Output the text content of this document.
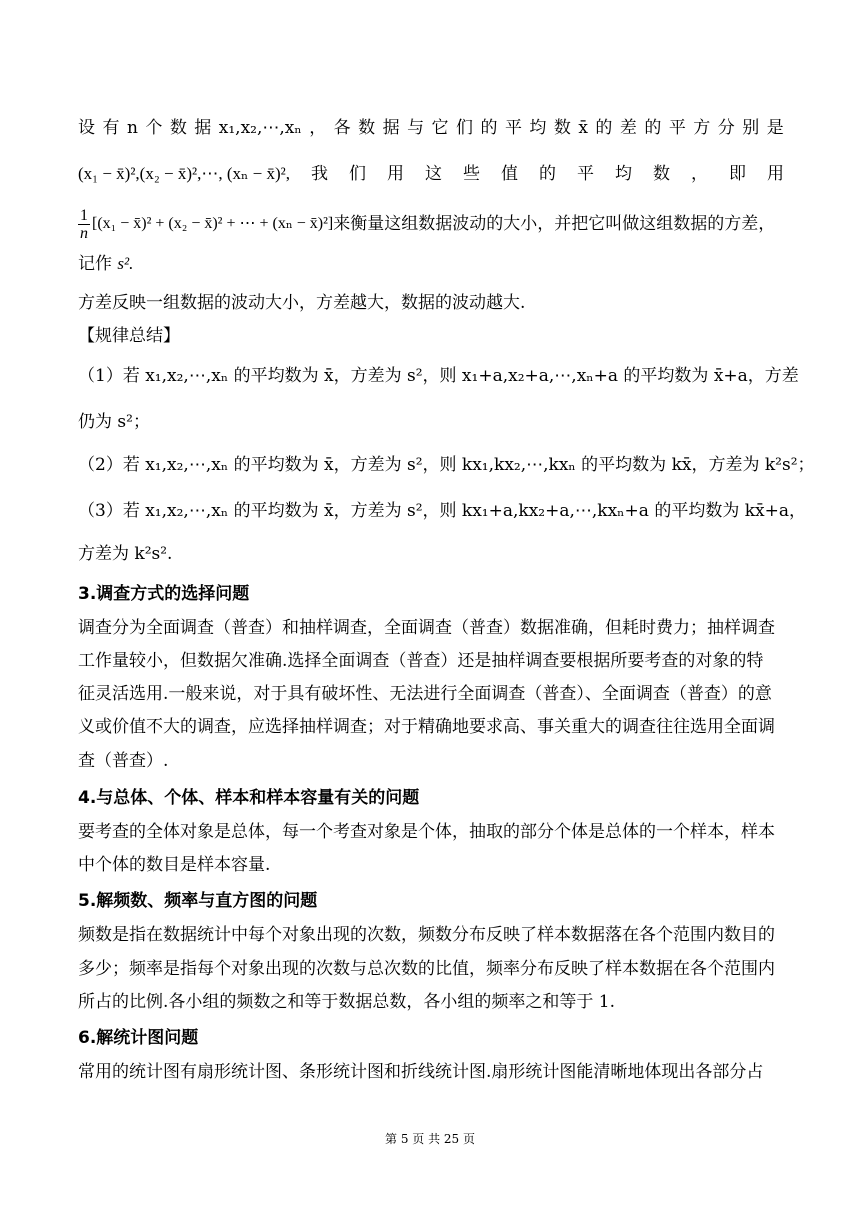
设 有 n 个 数 据 x₁,x₂,⋯,xₙ ， 各 数 据 与 它 们 的 平 均 数 x̄ 的 差 的 平 方 分 别 是
(x₁ − x̄)²,(x₂ − x̄)²,⋯, (xₙ − x̄)², 我 们 用 这 些 值 的 平 均 数 ， 即 用
$\frac{1}{n} [(x_1$ − x̄)² + (x₂ − x̄)² + ⋯ + (xₙ − x̄)²] 来衡量这组数据波动的大小，并把它叫做这组数据的方差，
记作 s².
方差反映一组数据的波动大小，方差越大，数据的波动越大.
【规律总结】
（1）若 x₁,x₂,⋯,xₙ 的平均数为 x̄，方差为 s²，则 x₁+a,x₂+a,⋯,xₙ+a 的平均数为 x̄+a，方差
仍为 s²；
（2）若 x₁,x₂,⋯,xₙ 的平均数为 x̄，方差为 s²，则 kx₁,kx₂,⋯,kxₙ 的平均数为 kx̄，方差为 k²s²；
（3）若 x₁,x₂,⋯,xₙ 的平均数为 x̄，方差为 s²，则 kx₁+a,kx₂+a,⋯,kxₙ+a 的平均数为 kx̄+a，
方差为 k²s².
3.调查方式的选择问题
调查分为全面调查（普查）和抽样调查，全面调查（普查）数据准确，但耗时费力；抽样调查
工作量较小，但数据欠准确.选择全面调查（普查）还是抽样调查要根据所要考查的对象的特
征灵活选用.一般来说，对于具有破坏性、无法进行全面调查（普查）、全面调查（普查）的意
义或价值不大的调查，应选择抽样调查；对于精确地要求高、事关重大的调查往往选用全面调
查（普查）.
4.与总体、个体、样本和样本容量有关的问题
要考查的全体对象是总体，每一个考查对象是个体，抽取的部分个体是总体的一个样本，样本
中个体的数目是样本容量.
5.解频数、频率与直方图的问题
频数是指在数据统计中每个对象出现的次数，频数分布反映了样本数据落在各个范围内数目的
多少；频率是指每个对象出现的次数与总次数的比值，频率分布反映了样本数据在各个范围内
所占的比例.各小组的频数之和等于数据总数，各小组的频率之和等于 1.
6.解统计图问题
常用的统计图有扇形统计图、条形统计图和折线统计图.扇形统计图能清晰地体现出各部分占
第 5 页 共 25 页
